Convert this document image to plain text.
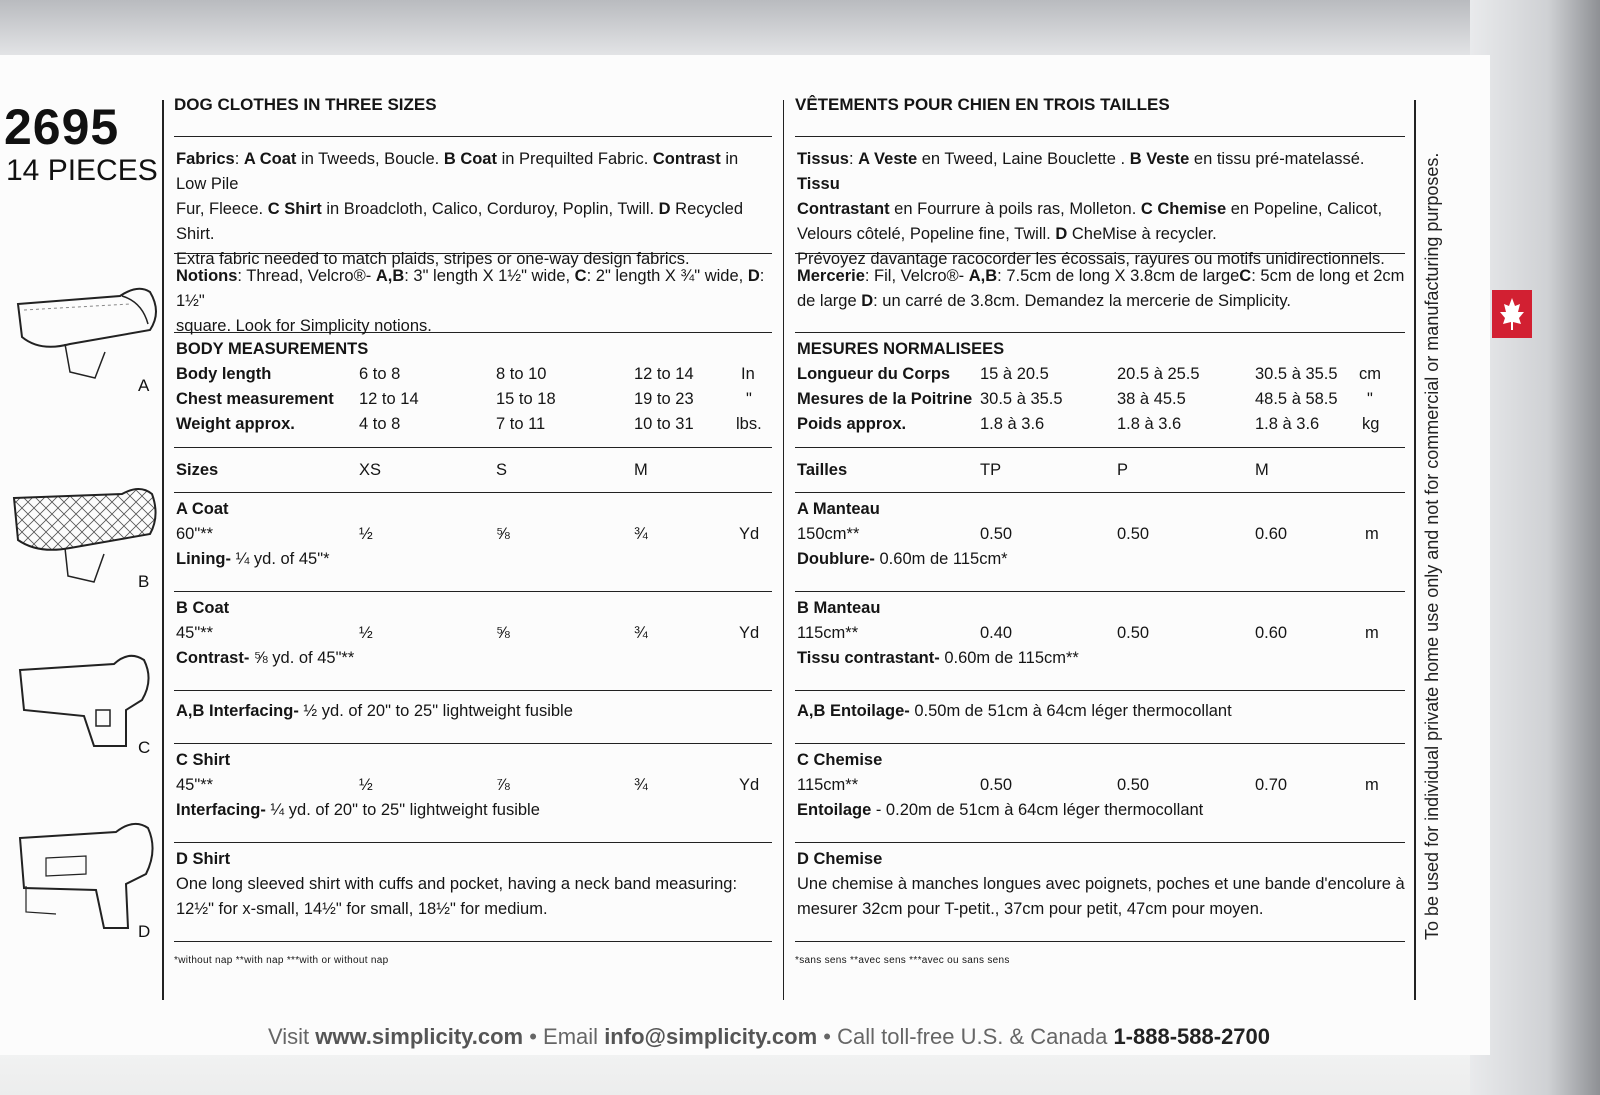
2695
14 PIECES
A
B
C
D
DOG CLOTHES IN THREE SIZES
Fabrics: A Coat in Tweeds, Boucle. B Coat in Prequilted Fabric. Contrast in Low Pile
Fur, Fleece. C Shirt in Broadcloth, Calico, Corduroy, Poplin, Twill. D Recycled Shirt.
Extra fabric needed to match plaids, stripes or one-way design fabrics.
Notions: Thread, Velcro®- A,B: 3" length X 1½" wide, C: 2" length X ¾" wide, D: 1½"
square. Look for Simplicity notions.
BODY MEASUREMENTS
Body length	6 to 8	8 to 10	12 to 14	In
Chest measurement 12 to 14	15 to 18	19 to 23	"
Weight approx.	4 to 8	7 to 11	10 to 31	lbs.
Sizes	XS	S	M
A Coat
60"**	½	⅝	¾	Yd
Lining- ¼ yd. of 45"*
B Coat
45"**	½	⅝	¾	Yd
Contrast- ⅝ yd. of 45"**
A,B Interfacing- ½ yd. of 20" to 25" lightweight fusible
C Shirt
45"**	½	⅞	¾	Yd
Interfacing- ¼ yd. of 20" to 25" lightweight fusible
D Shirt
One long sleeved shirt with cuffs and pocket, having a neck band measuring:
12½" for x-small, 14½" for small, 18½" for medium.
*without nap **with nap ***with or without nap
VÊTEMENTS POUR CHIEN EN TROIS TAILLES
Tissus: A Veste en Tweed, Laine Bouclette . B Veste en tissu pré-matelassé. Tissu
Contrastant en Fourrure à poils ras, Molleton. C Chemise en Popeline, Calicot,
Velours côtelé, Popeline fine, Twill. D CheMise à recycler.
Prévoyez davantage racocorder les écossais, rayures ou motifs unidirectionnels.
Mercerie: Fil, Velcro®- A,B: 7.5cm de long X 3.8cm de largeC: 5cm de long et 2cm
de large D: un carré de 3.8cm. Demandez la mercerie de Simplicity.
MESURES NORMALISEES
Longueur du Corps 15 à 20.5	20.5 à 25.5	30.5 à 35.5 cm
Mesures de la Poitrine 30.5 à 35.5	38 à 45.5	48.5 à 58.5 "
Poids approx.	1.8 à 3.6	1.8 à 3.6	1.8 à 3.6	kg
Tailles	TP	P	M
A Manteau
150cm**	0.50	0.50	0.60	m
Doublure- 0.60m de 115cm*
B Manteau
115cm**	0.40	0.50	0.60	m
Tissu contrastant- 0.60m de 115cm**
A,B Entoilage- 0.50m de 51cm à 64cm léger thermocollant
C Chemise
115cm**	0.50	0.50	0.70	m
Entoilage - 0.20m de 51cm à 64cm léger thermocollant
D Chemise
Une chemise à manches longues avec poignets, poches et une bande d'encolure à
mesurer 32cm pour T-petit., 37cm pour petit, 47cm pour moyen.
*sans sens **avec sens ***avec ou sans sens
To be used for individual private home use only and not for commercial or manufacturing purposes.
Visit www.simplicity.com • Email info@simplicity.com • Call toll-free U.S. & Canada 1-888-588-2700
